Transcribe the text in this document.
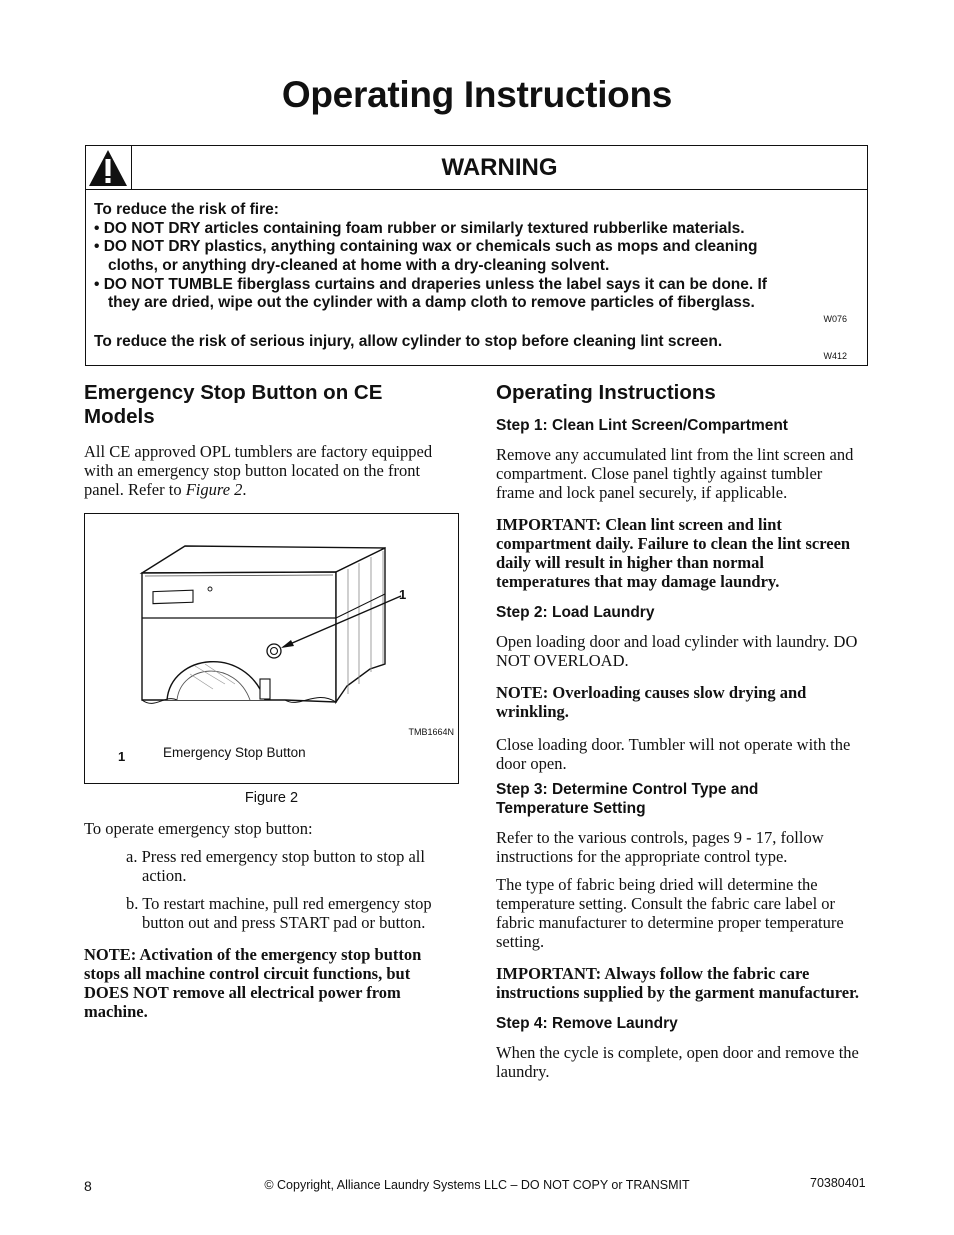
Operating Instructions
WARNING
To reduce the risk of fire:
• DO NOT DRY articles containing foam rubber or similarly textured rubberlike materials.
• DO NOT DRY plastics, anything containing wax or chemicals such as mops and cleaning
cloths, or anything dry-cleaned at home with a dry-cleaning solvent.
• DO NOT TUMBLE fiberglass curtains and draperies unless the label says it can be done. If
they are dried, wipe out the cylinder with a damp cloth to remove particles of fiberglass.
W076
To reduce the risk of serious injury, allow cylinder to stop before cleaning lint screen.
W412
Emergency Stop Button on CE
Models
All CE approved OPL tumblers are factory equipped
with an emergency stop button located on the front
panel. Refer to Figure 2.
1
TMB1664N
1	Emergency Stop Button
Figure 2
To operate emergency stop button:
a. Press red emergency stop button to stop all
action.
b. To restart machine, pull red emergency stop
button out and press START pad or button.
NOTE: Activation of the emergency stop button
stops all machine control circuit functions, but
DOES NOT remove all electrical power from
machine.
Operating Instructions
Step 1: Clean Lint Screen/Compartment
Remove any accumulated lint from the lint screen and
compartment. Close panel tightly against tumbler
frame and lock panel securely, if applicable.
IMPORTANT: Clean lint screen and lint
compartment daily. Failure to clean the lint screen
daily will result in higher than normal
temperatures that may damage laundry.
Step 2: Load Laundry
Open loading door and load cylinder with laundry. DO
NOT OVERLOAD.
NOTE: Overloading causes slow drying and
wrinkling.
Close loading door. Tumbler will not operate with the
door open.
Step 3: Determine Control Type and
Temperature Setting
Refer to the various controls, pages 9 - 17, follow
instructions for the appropriate control type.
The type of fabric being dried will determine the
temperature setting. Consult the fabric care label or
fabric manufacturer to determine proper temperature
setting.
IMPORTANT: Always follow the fabric care
instructions supplied by the garment manufacturer.
Step 4: Remove Laundry
When the cycle is complete, open door and remove the
laundry.
8	© Copyright, Alliance Laundry Systems LLC – DO NOT COPY or TRANSMIT	70380401
